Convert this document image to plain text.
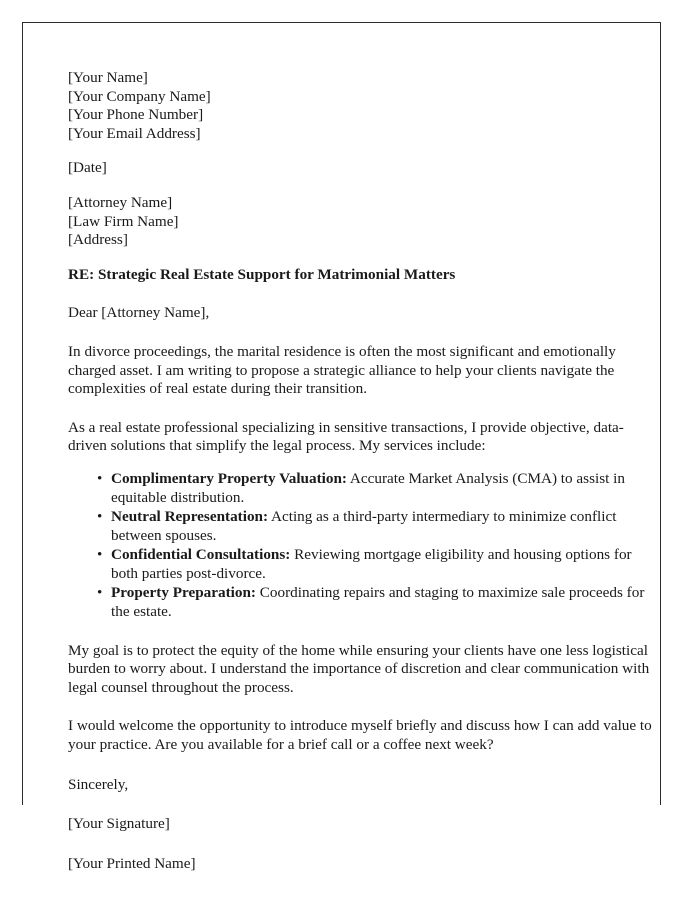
[Your Name]
[Your Company Name]
[Your Phone Number]
[Your Email Address]
[Date]
[Attorney Name]
[Law Firm Name]
[Address]

RE: Strategic Real Estate Support for Matrimonial Matters

Dear [Attorney Name],

In divorce proceedings, the marital residence is often the most significant and emotionally charged asset. I am writing to propose a strategic alliance to help your clients navigate the complexities of real estate during their transition.

As a real estate professional specializing in sensitive transactions, I provide objective, data-driven solutions that simplify the legal process. My services include:

• Complimentary Property Valuation: Accurate Market Analysis (CMA) to assist in equitable distribution.
• Neutral Representation: Acting as a third-party intermediary to minimize conflict between spouses.
• Confidential Consultations: Reviewing mortgage eligibility and housing options for both parties post-divorce.
• Property Preparation: Coordinating repairs and staging to maximize sale proceeds for the estate.

My goal is to protect the equity of the home while ensuring your clients have one less logistical burden to worry about. I understand the importance of discretion and clear communication with legal counsel throughout the process.

I would welcome the opportunity to introduce myself briefly and discuss how I can add value to your practice. Are you available for a brief call or a coffee next week?

Sincerely,

[Your Signature]

[Your Printed Name]
